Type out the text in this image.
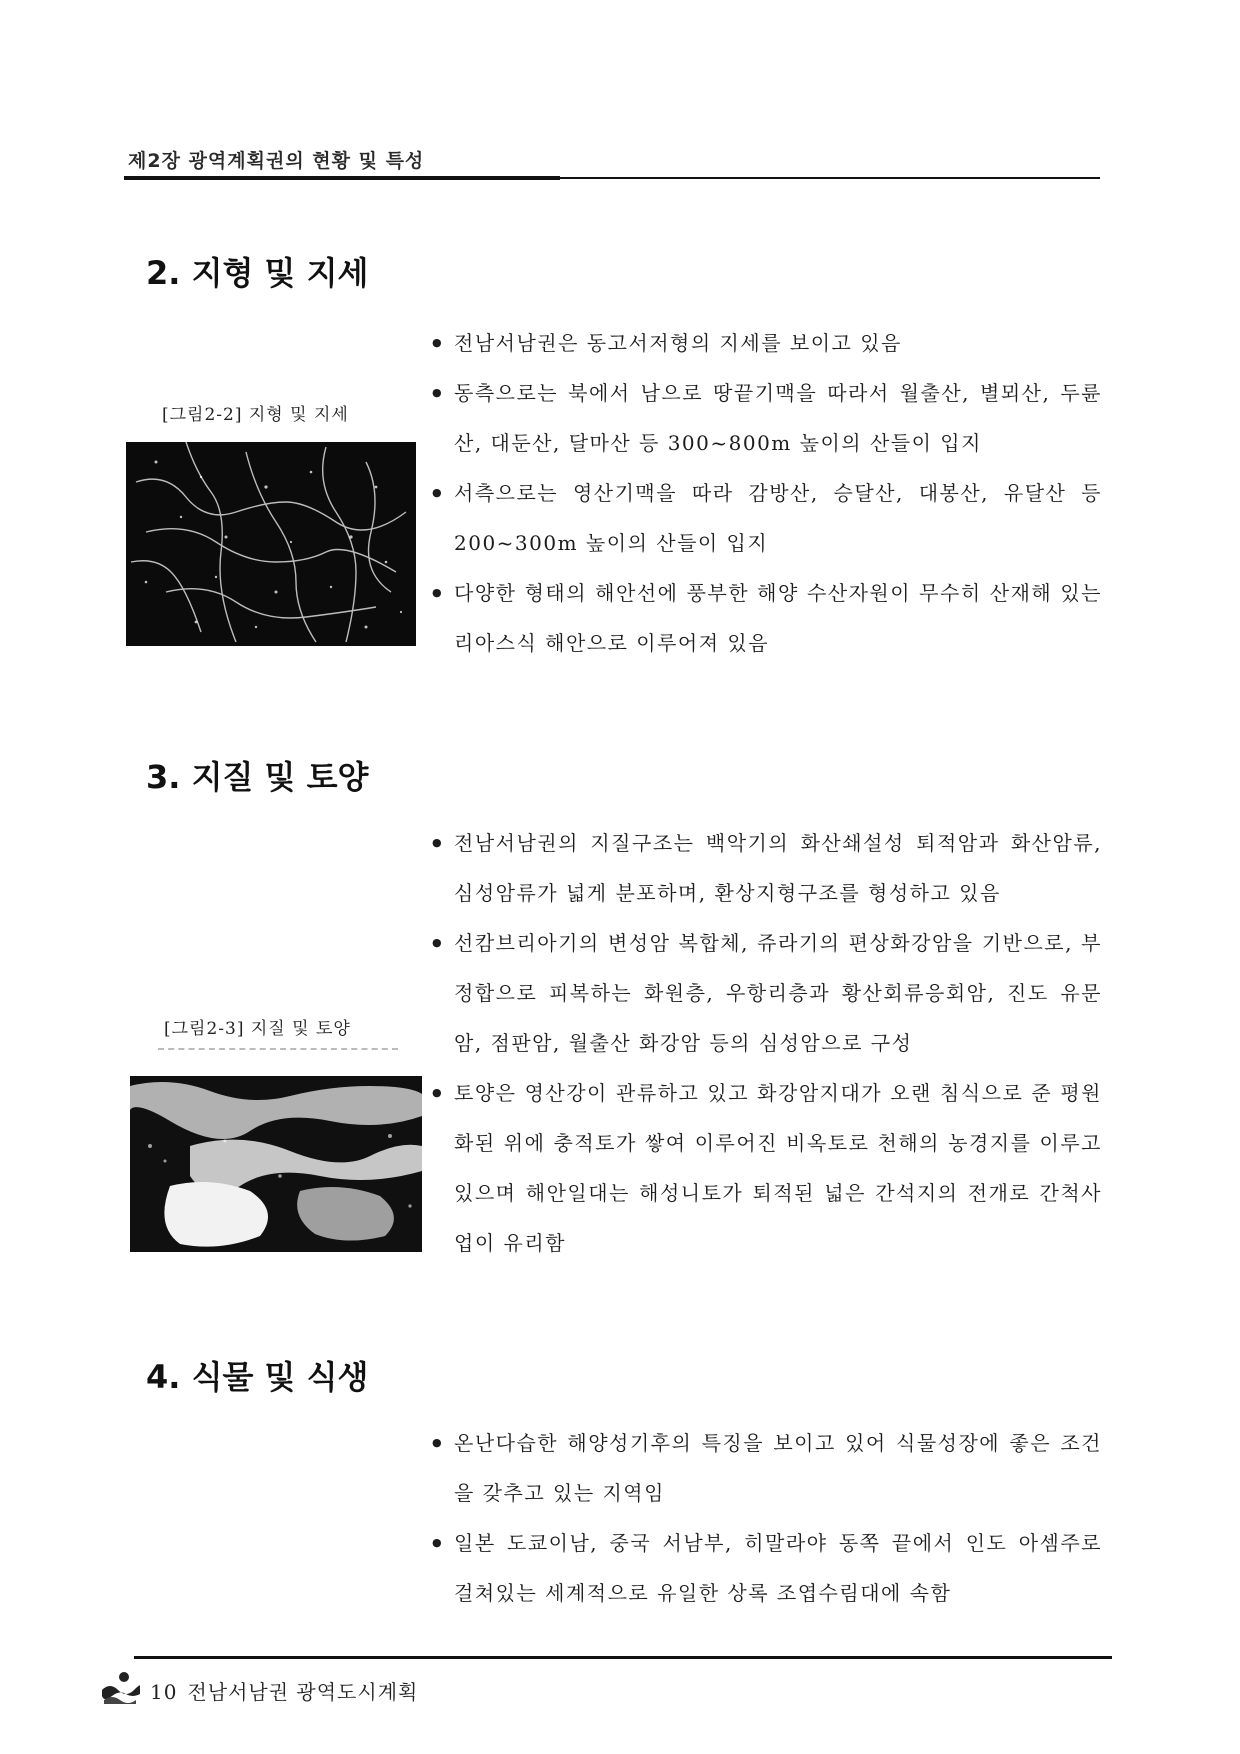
제2장 광역계획권의 현황 및 특성
2. 지형 및 지세
[그림2-2] 지형 및 지세
● 전남서남권은 동고서저형의 지세를 보이고 있음
● 동측으로는 북에서 남으로 땅끝기맥을 따라서 월출산, 별뫼산, 두륜산, 대둔산, 달마산 등 300~800m 높이의 산들이 입지
● 서측으로는 영산기맥을 따라 감방산, 승달산, 대봉산, 유달산 등 200~300m 높이의 산들이 입지
● 다양한 형태의 해안선에 풍부한 해양 수산자원이 무수히 산재해 있는 리아스식 해안으로 이루어져 있음
3. 지질 및 토양
[그림2-3] 지질 및 토양
● 전남서남권의 지질구조는 백악기의 화산쇄설성 퇴적암과 화산암류, 심성암류가 넓게 분포하며, 환상지형구조를 형성하고 있음
● 선캄브리아기의 변성암 복합체, 쥬라기의 편상화강암을 기반으로, 부정합으로 피복하는 화원층, 우항리층과 황산회류응회암, 진도 유문암, 점판암, 월출산 화강암 등의 심성암으로 구성
● 토양은 영산강이 관류하고 있고 화강암지대가 오랜 침식으로 준 평원화된 위에 충적토가 쌓여 이루어진 비옥토로 천해의 농경지를 이루고 있으며 해안일대는 해성니토가 퇴적된 넓은 간석지의 전개로 간척사업이 유리함
4. 식물 및 식생
● 온난다습한 해양성기후의 특징을 보이고 있어 식물성장에 좋은 조건을 갖추고 있는 지역임
● 일본 도쿄이남, 중국 서남부, 히말라야 동쪽 끝에서 인도 아셈주로 걸쳐있는 세계적으로 유일한 상록 조엽수림대에 속함
10 전남서남권 광역도시계획
